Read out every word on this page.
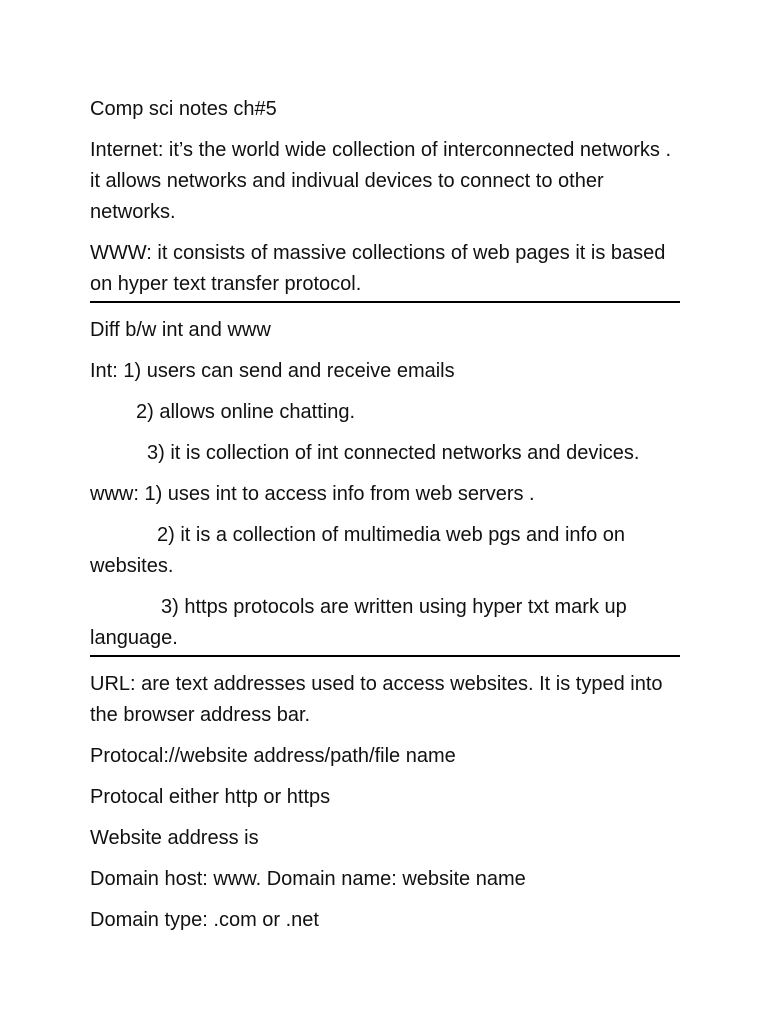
Comp sci notes ch#5

Internet: it’s the world wide collection of interconnected networks . it allows networks and indivual devices to connect to other networks.

WWW: it consists of massive collections of web pages it is based on hyper text transfer protocol.

Diff b/w int and www

Int: 1) users can send and receive emails

2) allows online chatting.

3) it is collection of int connected networks and devices.

www: 1) uses int to access info from web servers .

2) it is a collection of multimedia web pgs and info on websites.

3) https protocols are written using hyper txt mark up language.

URL: are text addresses used to access websites. It is typed into the browser address bar.

Protocal://website address/path/file name

Protocal either http or https

Website address is

Domain host: www. Domain name: website name

Domain type: .com or .net
